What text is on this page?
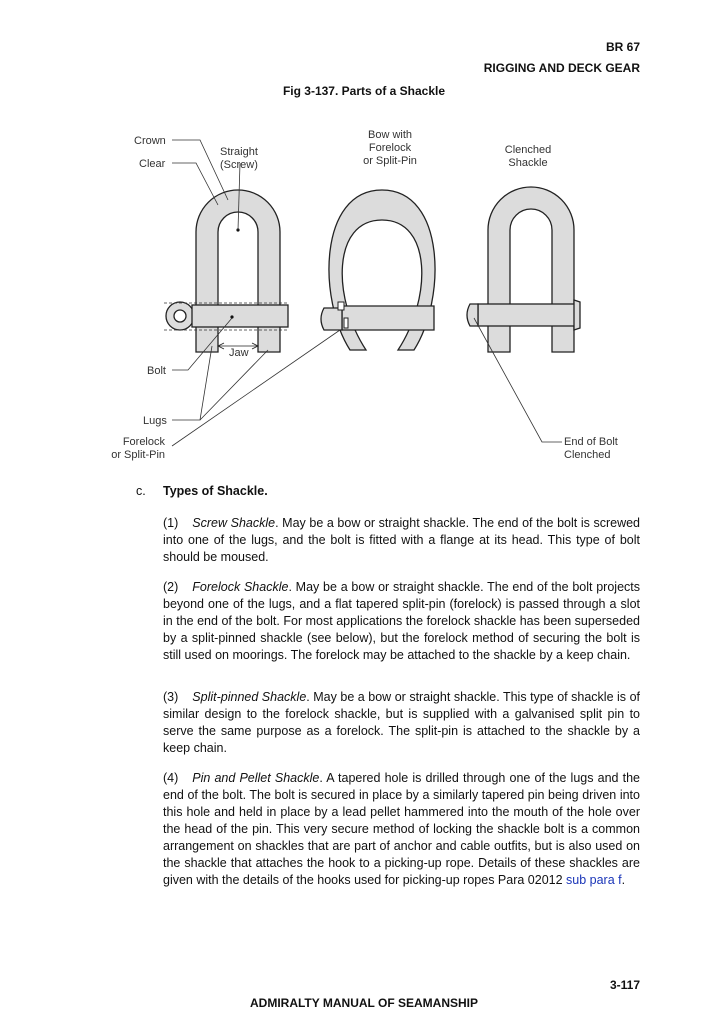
BR 67
RIGGING AND DECK GEAR
Fig 3-137. Parts of a Shackle
Crown
Clear
Straight
(Screw)
Bow with
Forelock
or Split-Pin
Clenched
Shackle
Jaw
Bolt
Lugs
Forelock
or Split-Pin
End of Bolt
Clenched
c. Types of Shackle.

(1) Screw Shackle. May be a bow or straight shackle. The end of the bolt is screwed into one of the lugs, and the bolt is fitted with a flange at its head. This type of bolt should be moused.

(2) Forelock Shackle. May be a bow or straight shackle. The end of the bolt projects beyond one of the lugs, and a flat tapered split-pin (forelock) is passed through a slot in the end of the bolt. For most applications the forelock shackle has been superseded by a split-pinned shackle (see below), but the forelock method of securing the bolt is still used on moorings. The forelock may be attached to the shackle by a keep chain.

(3) Split-pinned Shackle. May be a bow or straight shackle. This type of shackle is of similar design to the forelock shackle, but is supplied with a galvanised split pin to serve the same purpose as a forelock. The split-pin is attached to the shackle by a keep chain.

(4) Pin and Pellet Shackle. A tapered hole is drilled through one of the lugs and the end of the bolt. The bolt is secured in place by a similarly tapered pin being driven into this hole and held in place by a lead pellet hammered into the mouth of the hole over the head of the pin. This very secure method of locking the shackle bolt is a common arrangement on shackles that are part of anchor and cable outfits, but is also used on the shackle that attaches the hook to a picking-up rope. Details of these shackles are given with the details of the hooks used for picking-up ropes Para 02012 sub para f.

3-117
ADMIRALTY MANUAL OF SEAMANSHIP
